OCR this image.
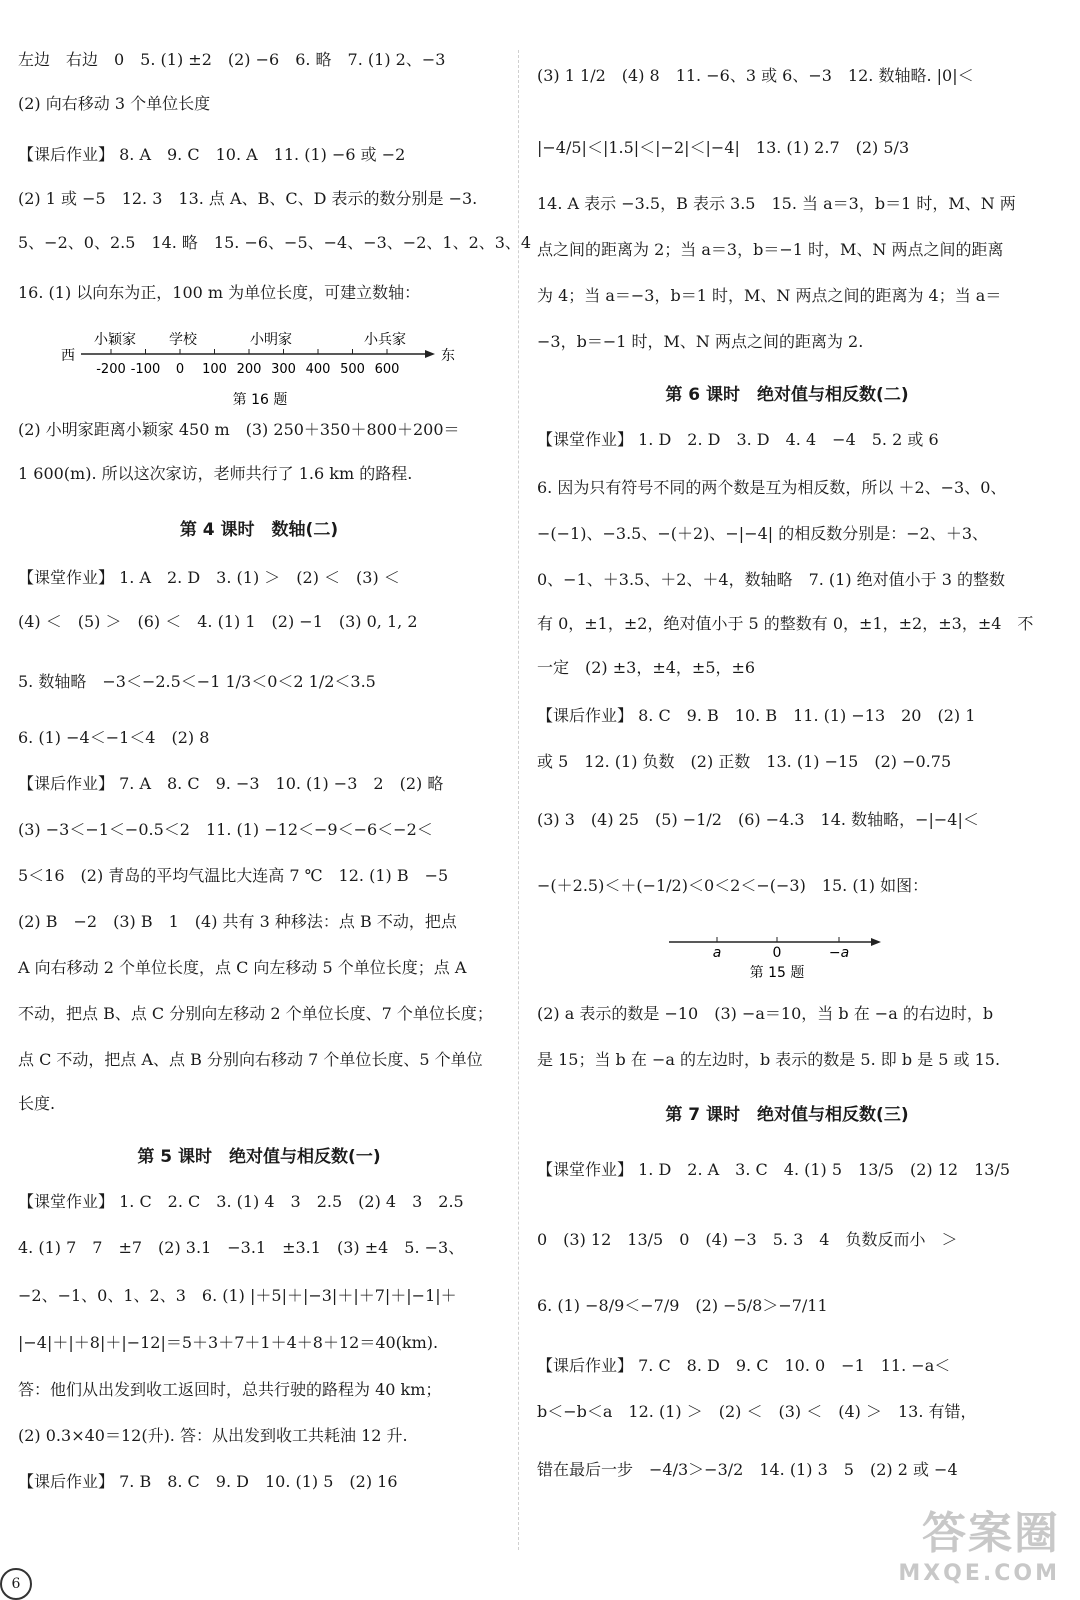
左边　右边　0　5. (1) ±2　(2) −6　6. 略　7. (1) 2、−3
(2) 向右移动 3 个单位长度
【课后作业】 8. A　9. C　10. A　11. (1) −6 或 −2
(2) 1 或 −5　12. 3　13. 点 A、B、C、D 表示的数分别是 −3.
5、−2、0、2.5　14. 略　15. −6、−5、−4、−3、−2、1、2、3、4
16. (1) 以向东为正，100 m 为单位长度，可建立数轴：
(2) 小明家距离小颖家 450 m　(3) 250＋350＋800＋200＝
1 600(m). 所以这次家访，老师共行了 1.6 km 的路程.
【课堂作业】 1. A　2. D　3. (1) ＞　(2) ＜　(3) ＜
(4) ＜　(5) ＞　(6) ＜　4. (1) 1　(2) −1　(3) 0, 1, 2
5. 数轴略　−3＜−2.5＜−1 1/3＜0＜2 1/2＜3.5
6. (1) −4＜−1＜4　(2) 8
【课后作业】 7. A　8. C　9. −3　10. (1) −3　2　(2) 略
(3) −3＜−1＜−0.5＜2　11. (1) −12＜−9＜−6＜−2＜
5＜16　(2) 青岛的平均气温比大连高 7 ℃　12. (1) B　−5
(2) B　−2　(3) B　1　(4) 共有 3 种移法：点 B 不动，把点
A 向右移动 2 个单位长度，点 C 向左移动 5 个单位长度；点 A
不动，把点 B、点 C 分别向左移动 2 个单位长度、7 个单位长度；
点 C 不动，把点 A、点 B 分别向右移动 7 个单位长度、5 个单位
长度.
【课堂作业】 1. C　2. C　3. (1) 4　3　2.5　(2) 4　3　2.5
4. (1) 7　7　±7　(2) 3.1　−3.1　±3.1　(3) ±4　5. −3、
−2、−1、0、1、2、3　6. (1) |＋5|＋|−3|＋|＋7|＋|−1|＋
|−4|＋|＋8|＋|−12|＝5＋3＋7＋1＋4＋8＋12＝40(km).
答：他们从出发到收工返回时，总共行驶的路程为 40 km；
(2) 0.3×40＝12(升). 答：从出发到收工共耗油 12 升.
【课后作业】 7. B　8. C　9. D　10. (1) 5　(2) 16
第 4 课时　数轴(二)
第 5 课时　绝对值与相反数(一)
(3) 1 1/2　(4) 8　11. −6、3 或 6、−3　12. 数轴略. |0|＜
|−4/5|＜|1.5|＜|−2|＜|−4|　13. (1) 2.7　(2) 5/3
14. A 表示 −3.5，B 表示 3.5　15. 当 a＝3，b＝1 时，M、N 两
点之间的距离为 2；当 a＝3，b＝−1 时，M、N 两点之间的距离
为 4；当 a＝−3，b＝1 时，M、N 两点之间的距离为 4；当 a＝
−3，b＝−1 时，M、N 两点之间的距离为 2.
【课堂作业】 1. D　2. D　3. D　4. 4　−4　5. 2 或 6
6. 因为只有符号不同的两个数是互为相反数，所以 ＋2、−3、0、
−(−1)、−3.5、−(＋2)、−|−4| 的相反数分别是：−2、＋3、
0、−1、＋3.5、＋2、＋4，数轴略　7. (1) 绝对值小于 3 的整数
有 0，±1，±2，绝对值小于 5 的整数有 0，±1，±2，±3，±4　不
一定　(2) ±3，±4，±5，±6
【课后作业】 8. C　9. B　10. B　11. (1) −13　20　(2) 1
或 5　12. (1) 负数　(2) 正数　13. (1) −15　(2) −0.75
(3) 3　(4) 25　(5) −1/2　(6) −4.3　14. 数轴略，−|−4|＜
−(＋2.5)＜＋(−1/2)＜0＜2＜−(−3)　15. (1) 如图：
(2) a 表示的数是 −10　(3) −a＝10，当 b 在 −a 的右边时，b
是 15；当 b 在 −a 的左边时，b 表示的数是 5. 即 b 是 5 或 15.
【课堂作业】 1. D　2. A　3. C　4. (1) 5　13/5　(2) 12　13/5
0　(3) 12　13/5　0　(4) −3　5. 3　4　负数反而小　＞
6. (1) −8/9＜−7/9　(2) −5/8＞−7/11
【课后作业】 7. C　8. D　9. C　10. 0　−1　11. −a＜
b＜−b＜a　12. (1) ＞　(2) ＜　(3) ＜　(4) ＞　13. 有错，
错在最后一步　−4/3＞−3/2　14. (1) 3　5　(2) 2 或 −4
第 6 课时　绝对值与相反数(二)
第 7 课时　绝对值与相反数(三)
小颖家 学校	小明家	小兵家
西	东
-200 -100 0 100 200 300 400 500 600
第 16 题
a	0	−a
第 15 题
6
答案圈
MXQE.COM
